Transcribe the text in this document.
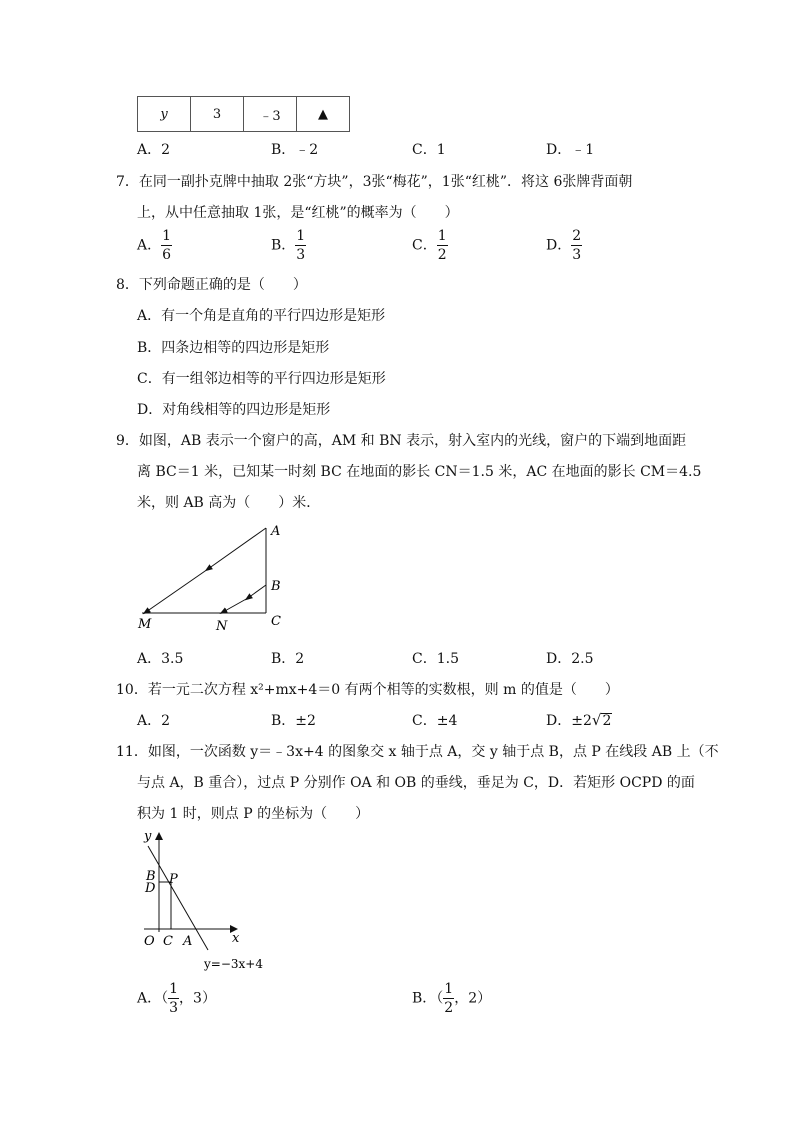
y	3	﹣3	▲
A．2	B．﹣2	C．1	D．﹣1
7．在同一副扑克牌中抽取 2张“方块”，3张“梅花”，1张“红桃”．将这 6张牌背面朝
上，从中任意抽取 1张，是“红桃”的概率为（　　）
A． $\frac{1}{6}$	B． $\frac{1}{3}$	C． $\frac{1}{2}$	D． $\frac{2}{3}$
8．下列命题正确的是（　　）
A．有一个角是直角的平行四边形是矩形
B．四条边相等的四边形是矩形
C．有一组邻边相等的平行四边形是矩形
D．对角线相等的四边形是矩形
9．如图，AB 表示一个窗户的高，AM 和 BN 表示，射入室内的光线，窗户的下端到地面距
离 BC＝1 米，已知某一时刻 BC 在地面的影长 CN＝1.5 米，AC 在地面的影长 CM＝4.5
米，则 AB 高为（　　）米．
A
B
C
M	N
A．3.5	B．2	C．1.5	D．2.5
10．若一元二次方程 x²+mx+4＝0 有两个相等的实数根，则 m 的值是（　　）
A．2	B．±2	C．±4	D．±2√2
11．如图，一次函数 y＝﹣3x+4 的图象交 x 轴于点 A，交 y 轴于点 B，点 P 在线段 AB 上（不
与点 A，B 重合），过点 P 分别作 OA 和 OB 的垂线，垂足为 C，D．若矩形 OCPD 的面
积为 1 时，则点 P 的坐标为（　　）
y
x
B
D
P
O C A
y=−3x+4
A．（ $\frac{1}{3}$ ，3）	B．（ $\frac{1}{2}$ ，2）
